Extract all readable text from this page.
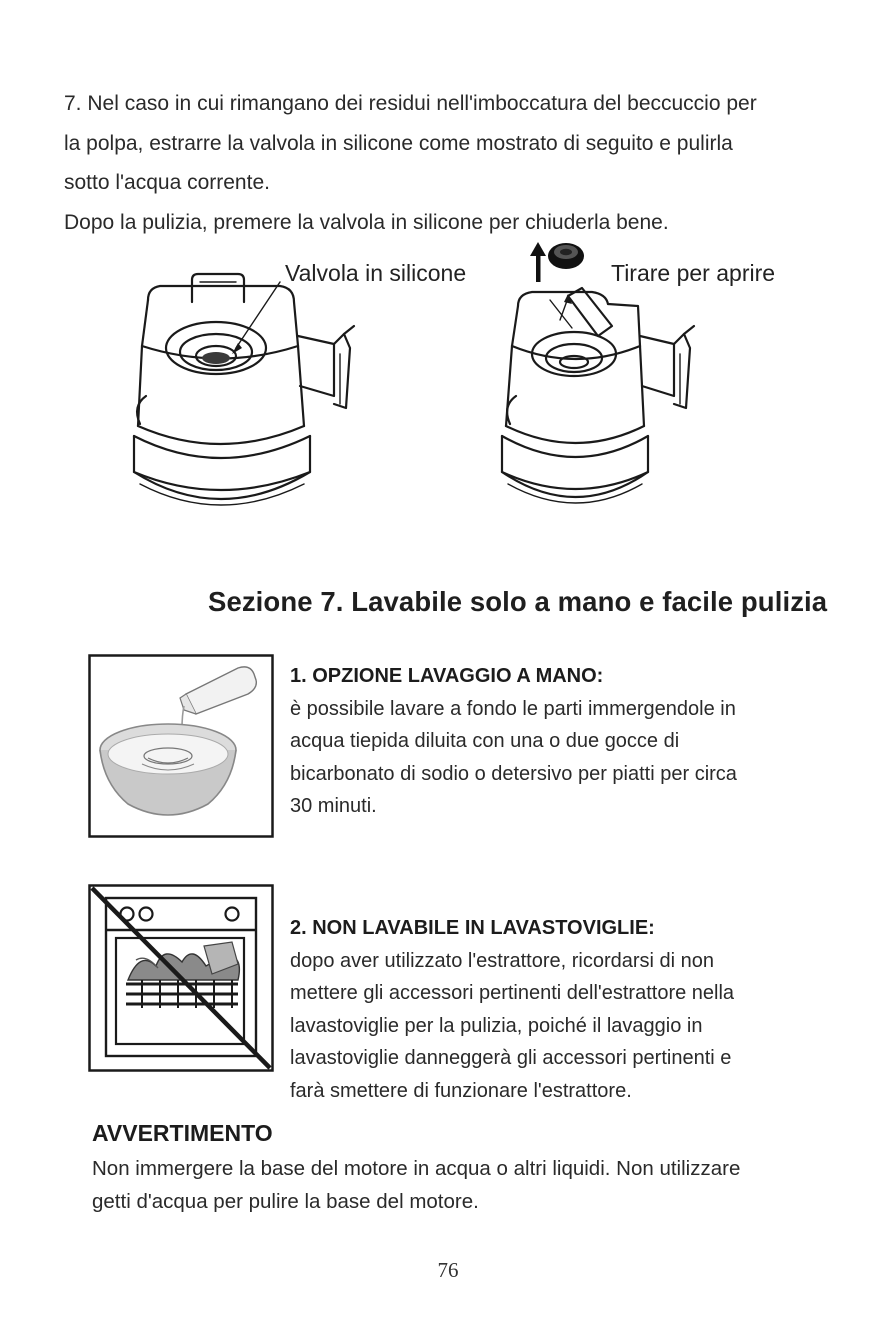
7. Nel caso in cui rimangano dei residui nell'imboccatura del beccuccio per

la polpa, estrarre la valvola in silicone come mostrato di seguito e pulirla

sotto l'acqua corrente.

Dopo la pulizia, premere la valvola in silicone per chiuderla bene.

Valvola in silicone	Tirare per aprire
Sezione 7. Lavabile solo a mano e facile pulizia
1. OPZIONE LAVAGGIO A MANO:
è possibile lavare a fondo le parti immergendole in
acqua tiepida diluita con una o due gocce di
bicarbonato di sodio o detersivo per piatti per circa
30 minuti.
2. NON LAVABILE IN LAVASTOVIGLIE:
dopo aver utilizzato l'estrattore, ricordarsi di non
mettere gli accessori pertinenti dell'estrattore nella
lavastoviglie per la pulizia, poiché il lavaggio in
lavastoviglie danneggerà gli accessori pertinenti e
farà smettere di funzionare l'estrattore.
AVVERTIMENTO
Non immergere la base del motore in acqua o altri liquidi. Non utilizzare
getti d'acqua per pulire la base del motore.
76
